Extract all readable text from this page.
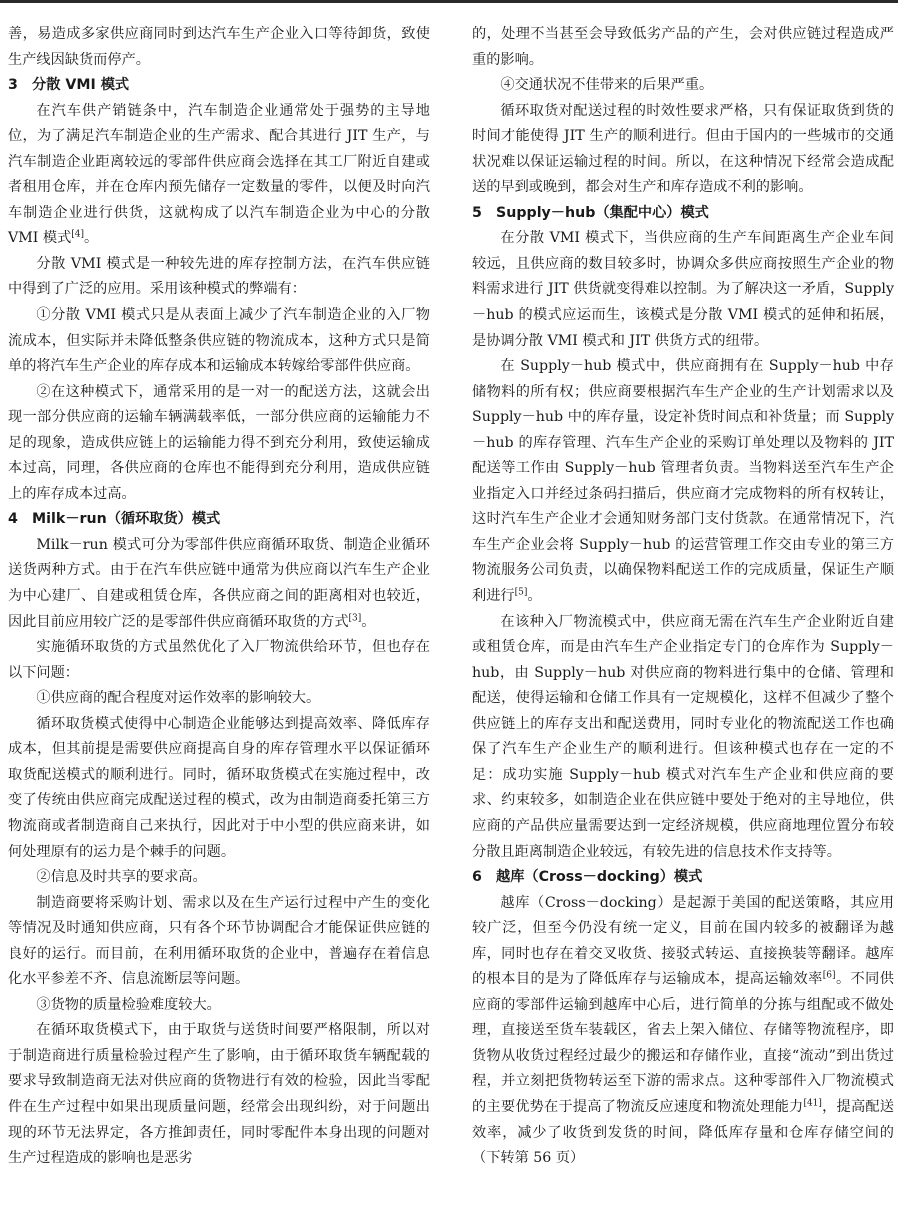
善，易造成多家供应商同时到达汽车生产企业入口等待卸货，致使生产线因缺货而停产。

3　分散 VMI 模式

在汽车供产销链条中，汽车制造企业通常处于强势的主导地位，为了满足汽车制造企业的生产需求、配合其进行 JIT 生产，与汽车制造企业距离较远的零部件供应商会选择在其工厂附近自建或者租用仓库，并在仓库内预先储存一定数量的零件，以便及时向汽车制造企业进行供货，这就构成了以汽车制造企业为中心的分散 VMI 模式[4]。

分散 VMI 模式是一种较先进的库存控制方法，在汽车供应链中得到了广泛的应用。采用该种模式的弊端有：

①分散 VMI 模式只是从表面上减少了汽车制造企业的入厂物流成本，但实际并未降低整条供应链的物流成本，这种方式只是简单的将汽车生产企业的库存成本和运输成本转嫁给零部件供应商。

②在这种模式下，通常采用的是一对一的配送方法，这就会出现一部分供应商的运输车辆满载率低，一部分供应商的运输能力不足的现象，造成供应链上的运输能力得不到充分利用，致使运输成本过高，同理，各供应商的仓库也不能得到充分利用，造成供应链上的库存成本过高。

4　Milk－run（循环取货）模式

Milk－run 模式可分为零部件供应商循环取货、制造企业循环送货两种方式。由于在汽车供应链中通常为供应商以汽车生产企业为中心建厂、自建或租赁仓库，各供应商之间的距离相对也较近，因此目前应用较广泛的是零部件供应商循环取货的方式[3]。

实施循环取货的方式虽然优化了入厂物流供给环节，但也存在以下问题：

①供应商的配合程度对运作效率的影响较大。

循环取货模式使得中心制造企业能够达到提高效率、降低库存成本，但其前提是需要供应商提高自身的库存管理水平以保证循环取货配送模式的顺利进行。同时，循环取货模式在实施过程中，改变了传统由供应商完成配送过程的模式，改为由制造商委托第三方物流商或者制造商自己来执行，因此对于中小型的供应商来讲，如何处理原有的运力是个棘手的问题。

②信息及时共享的要求高。

制造商要将采购计划、需求以及在生产运行过程中产生的变化等情况及时通知供应商，只有各个环节协调配合才能保证供应链的良好的运行。而目前，在利用循环取货的企业中，普遍存在着信息化水平参差不齐、信息流断层等问题。

③货物的质量检验难度较大。

在循环取货模式下，由于取货与送货时间要严格限制，所以对于制造商进行质量检验过程产生了影响，由于循环取货车辆配载的要求导致制造商无法对供应商的货物进行有效的检验，因此当零配件在生产过程中如果出现质量问题，经常会出现纠纷，对于问题出现的环节无法界定，各方推卸责任，同时零配件本身出现的问题对生产过程造成的影响也是恶劣

的，处理不当甚至会导致低劣产品的产生，会对供应链过程造成严重的影响。

④交通状况不佳带来的后果严重。

循环取货对配送过程的时效性要求严格，只有保证取货到货的时间才能使得 JIT 生产的顺利进行。但由于国内的一些城市的交通状况难以保证运输过程的时间。所以，在这种情况下经常会造成配送的早到或晚到，都会对生产和库存造成不利的影响。

5　Supply－hub（集配中心）模式

在分散 VMI 模式下，当供应商的生产车间距离生产企业车间较远，且供应商的数目较多时，协调众多供应商按照生产企业的物料需求进行 JIT 供货就变得难以控制。为了解决这一矛盾，Supply－hub 的模式应运而生，该模式是分散 VMI 模式的延伸和拓展，是协调分散 VMI 模式和 JIT 供货方式的纽带。

在 Supply－hub 模式中，供应商拥有在 Supply－hub 中存储物料的所有权；供应商要根据汽车生产企业的生产计划需求以及 Supply－hub 中的库存量，设定补货时间点和补货量；而 Supply－hub 的库存管理、汽车生产企业的采购订单处理以及物料的 JIT 配送等工作由 Supply－hub 管理者负责。当物料送至汽车生产企业指定入口并经过条码扫描后，供应商才完成物料的所有权转让，这时汽车生产企业才会通知财务部门支付货款。在通常情况下，汽车生产企业会将 Supply－hub 的运营管理工作交由专业的第三方物流服务公司负责，以确保物料配送工作的完成质量，保证生产顺利进行[5]。

在该种入厂物流模式中，供应商无需在汽车生产企业附近自建或租赁仓库，而是由汽车生产企业指定专门的仓库作为 Supply－hub，由 Supply－hub 对供应商的物料进行集中的仓储、管理和配送，使得运输和仓储工作具有一定规模化，这样不但减少了整个供应链上的库存支出和配送费用，同时专业化的物流配送工作也确保了汽车生产企业生产的顺利进行。但该种模式也存在一定的不足：成功实施 Supply－hub 模式对汽车生产企业和供应商的要求、约束较多，如制造企业在供应链中要处于绝对的主导地位，供应商的产品供应量需要达到一定经济规模，供应商地理位置分布较分散且距离制造企业较远，有较先进的信息技术作支持等。

6　越库（Cross－docking）模式

越库（Cross－docking）是起源于美国的配送策略，其应用较广泛，但至今仍没有统一定义，目前在国内较多的被翻译为越库，同时也存在着交叉收货、接驳式转运、直接换装等翻译。越库的根本目的是为了降低库存与运输成本，提高运输效率[6]。不同供应商的零部件运输到越库中心后，进行简单的分拣与组配或不做处理，直接送至货车装载区，省去上架入储位、存储等物流程序，即货物从收货过程经过最少的搬运和存储作业，直接“流动”到出货过程，并立刻把货物转运至下游的需求点。这种零部件入厂物流模式的主要优势在于提高了物流反应速度和物流处理能力[41]，提高配送效率，减少了收货到发货的时间，降低库存量和仓库存储空间的（下转第 56 页）
